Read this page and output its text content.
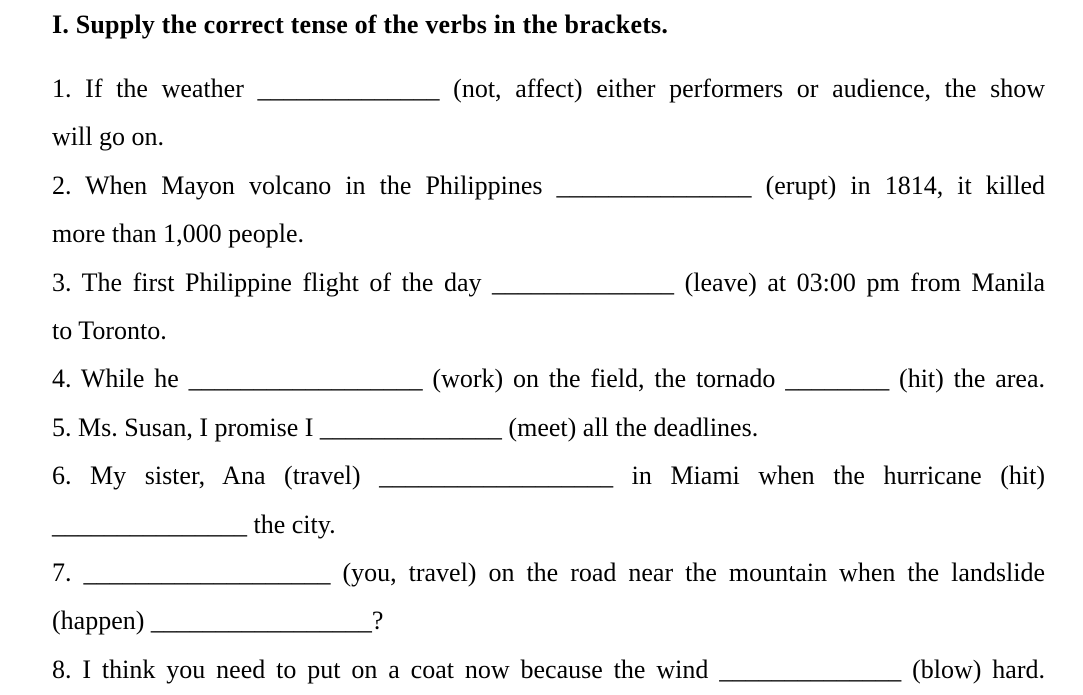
I. Supply the correct tense of the verbs in the brackets.
1. If the weather ______________ (not, affect) either performers or audience, the show
will go on.
2. When Mayon volcano in the Philippines _______________ (erupt) in 1814, it killed
more than 1,000 people.
3. The first Philippine flight of the day ______________ (leave) at 03:00 pm from Manila
to Toronto.
4. While he __________________ (work) on the field, the tornado ________ (hit) the area.
5. Ms. Susan, I promise I ______________ (meet) all the deadlines.
6. My sister, Ana (travel) __________________ in Miami when the hurricane (hit)
_______________ the city.
7. ___________________ (you, travel) on the road near the mountain when the landslide
(happen) _________________?
8. I think you need to put on a coat now because the wind ______________ (blow) hard.
